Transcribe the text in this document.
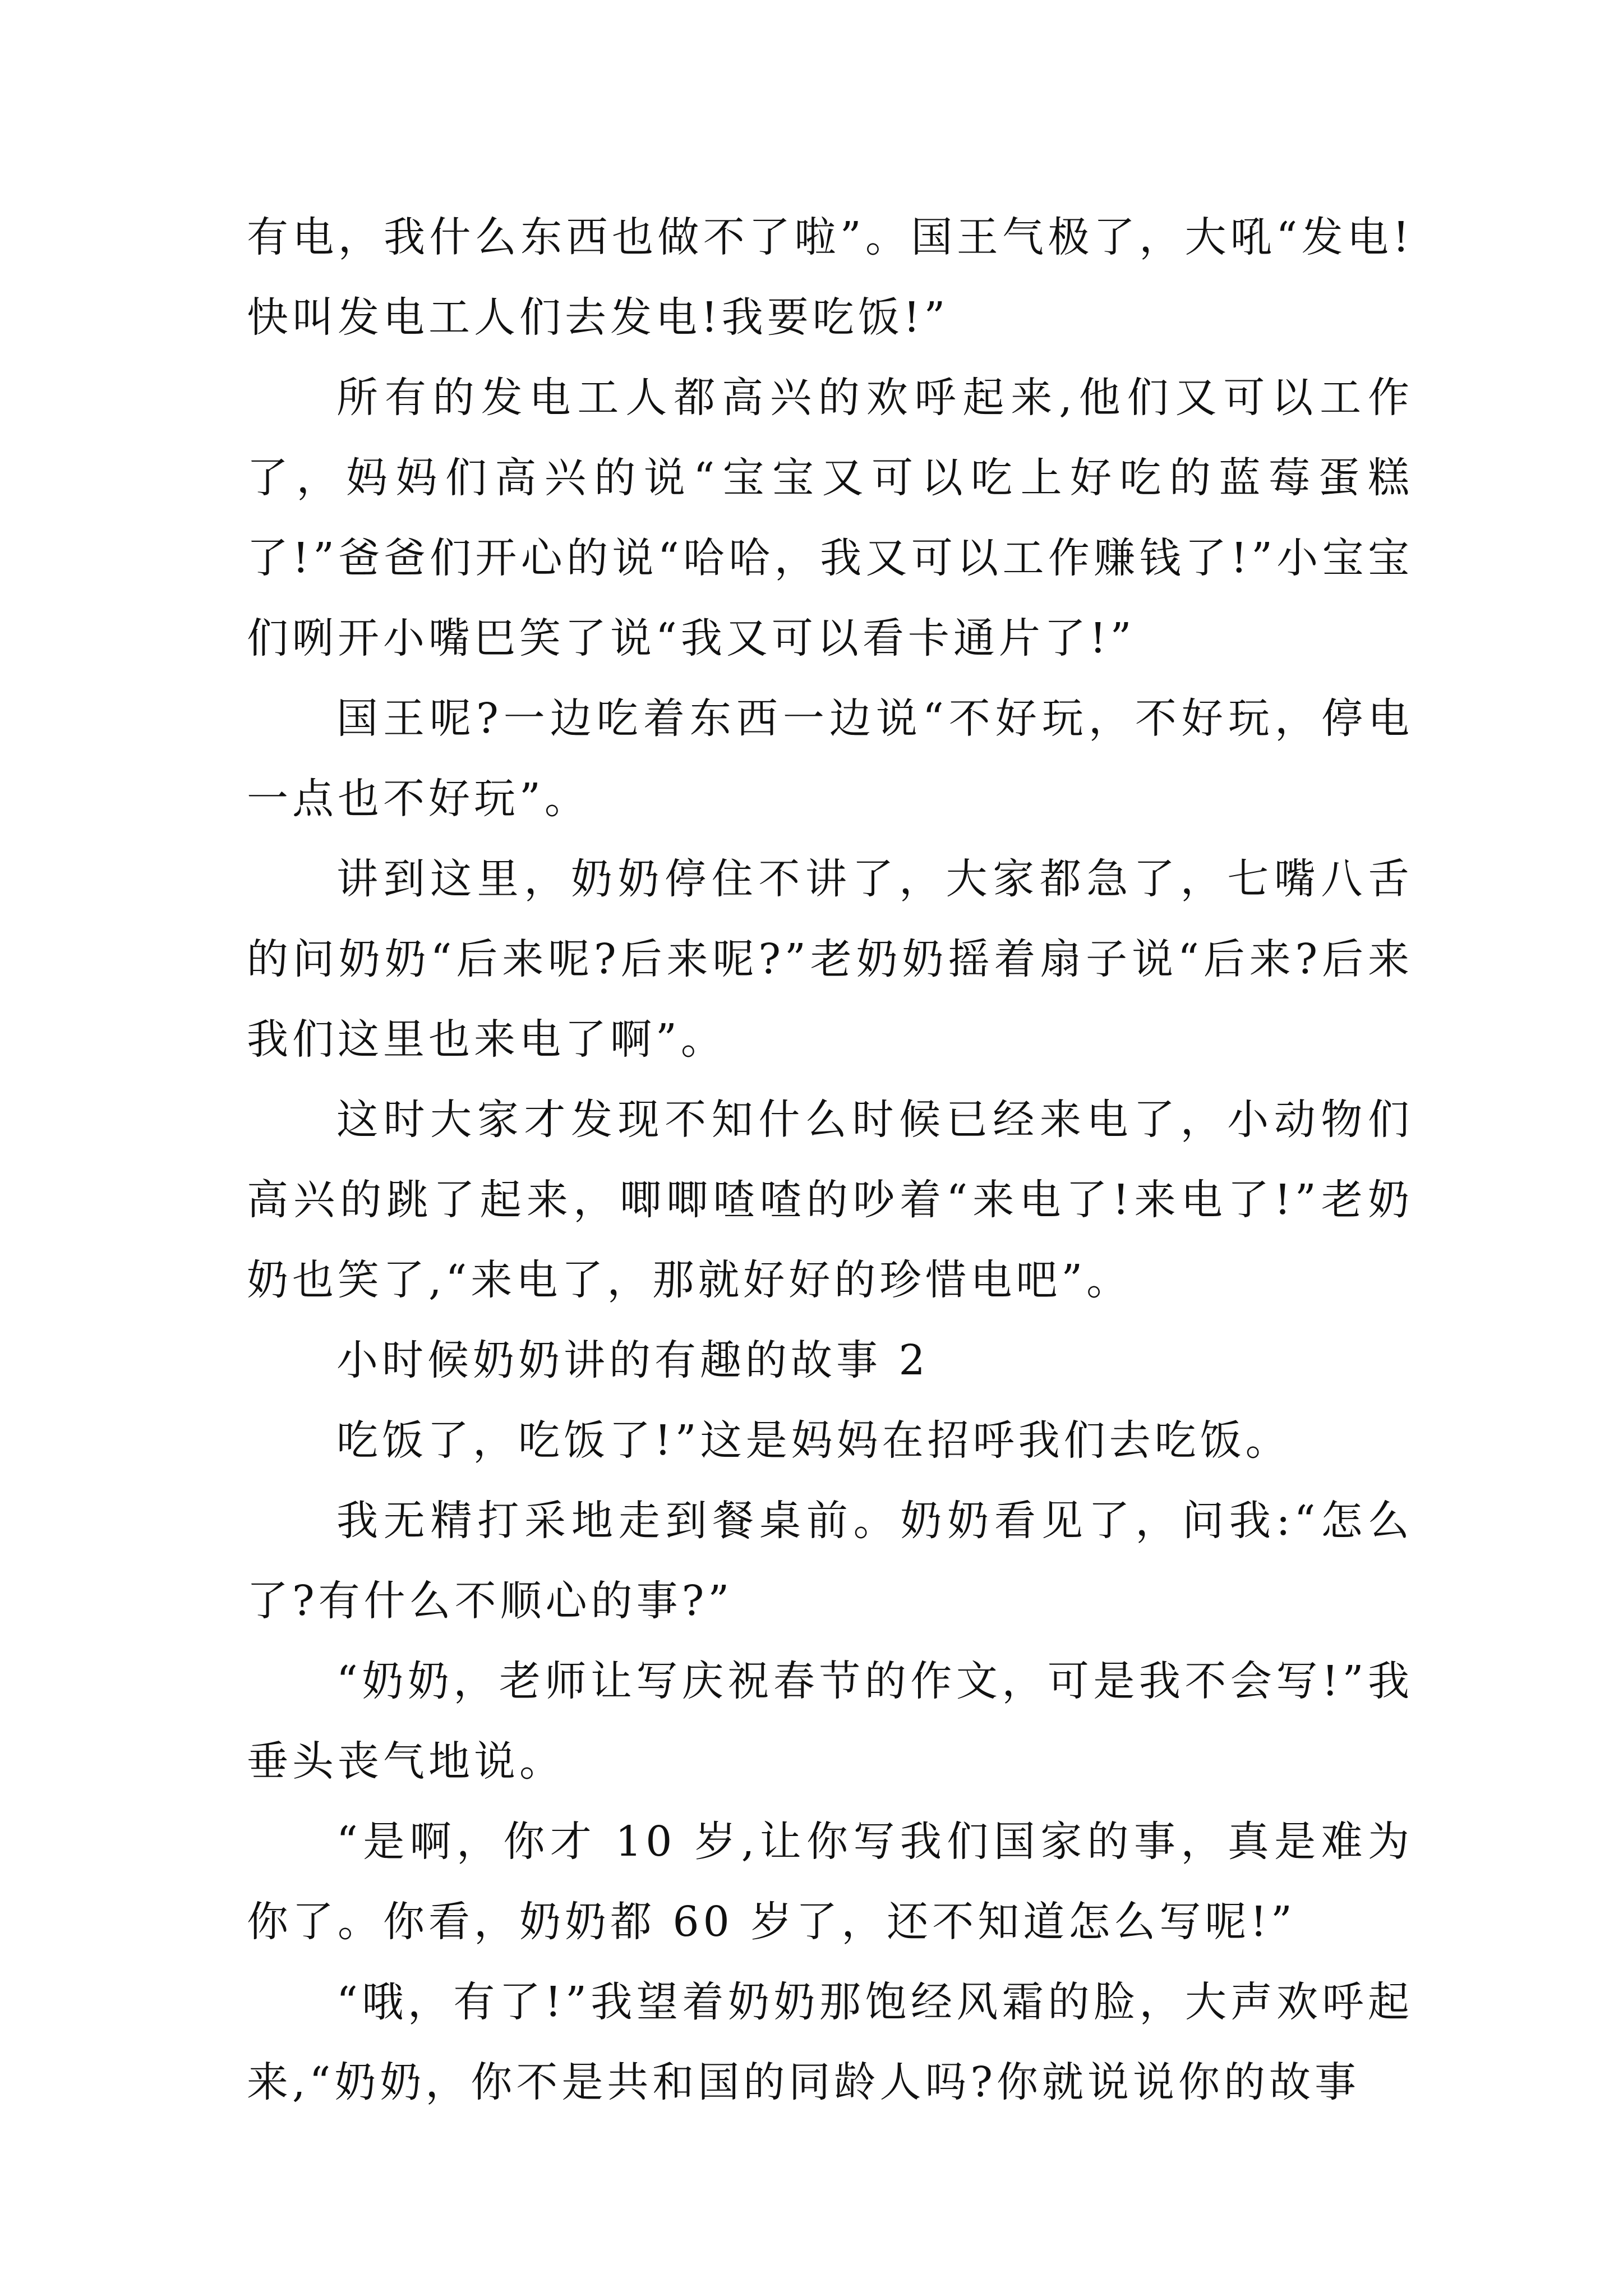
有电，我什么东西也做不了啦”。国王气极了，大吼“发电!快叫发电工人们去发电!我要吃饭!”

所有的发电工人都高兴的欢呼起来,他们又可以工作了，妈妈们高兴的说“宝宝又可以吃上好吃的蓝莓蛋糕了!”爸爸们开心的说“哈哈，我又可以工作赚钱了!”小宝宝们咧开小嘴巴笑了说“我又可以看卡通片了!”

国王呢?一边吃着东西一边说“不好玩，不好玩，停电一点也不好玩”。

讲到这里，奶奶停住不讲了，大家都急了，七嘴八舌的问奶奶“后来呢?后来呢?”老奶奶摇着扇子说“后来?后来我们这里也来电了啊”。

这时大家才发现不知什么时候已经来电了，小动物们高兴的跳了起来，唧唧喳喳的吵着“来电了!来电了!”老奶奶也笑了,“来电了，那就好好的珍惜电吧”。

小时候奶奶讲的有趣的故事 2

吃饭了，吃饭了!”这是妈妈在招呼我们去吃饭。

我无精打采地走到餐桌前。奶奶看见了，问我:“怎么了?有什么不顺心的事?”

“奶奶，老师让写庆祝春节的作文，可是我不会写!”我垂头丧气地说。

“是啊，你才 10 岁,让你写我们国家的事，真是难为你了。你看，奶奶都 60 岁了，还不知道怎么写呢!”

“哦，有了!”我望着奶奶那饱经风霜的脸，大声欢呼起来,“奶奶，你不是共和国的同龄人吗?你就说说你的故事
